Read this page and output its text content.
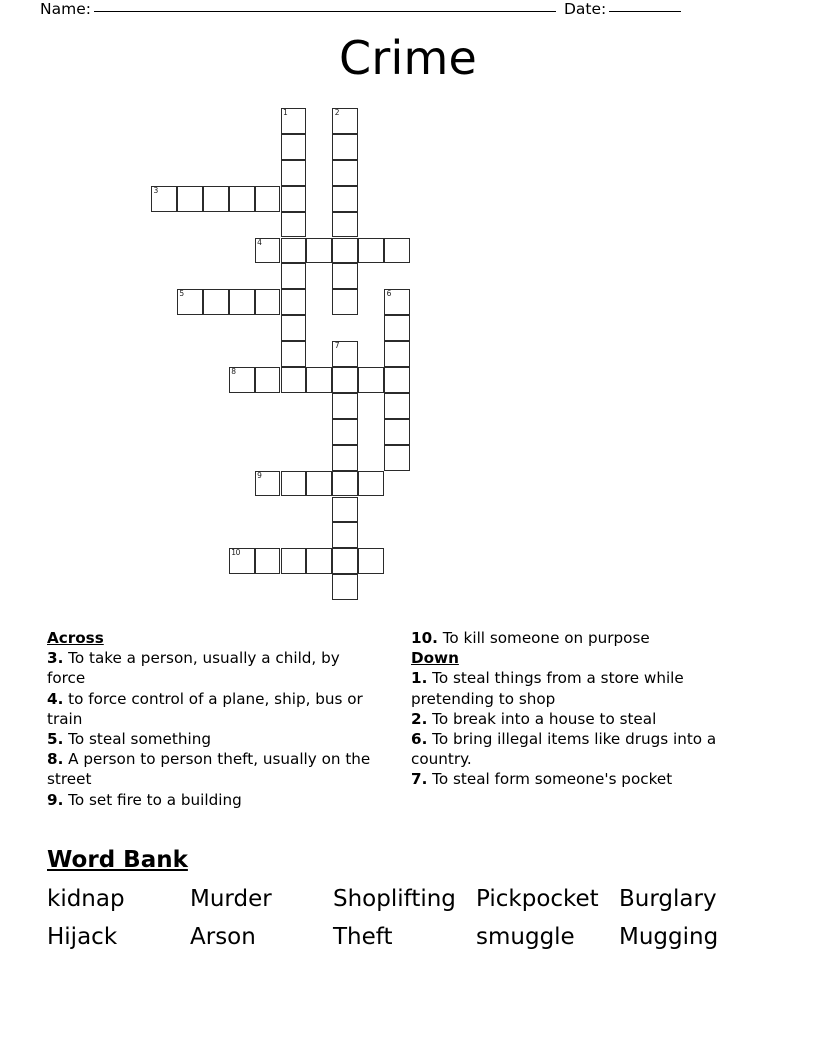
Name:	Date:
Crime
1	2
3
4
5	6
7
8
9
10
Across
3. To take a person, usually a child, by force
4. to force control of a plane, ship, bus or train
5. To steal something
8. A person to person theft, usually on the street
9. To set fire to a building
10. To kill someone on purpose
Down
1. To steal things from a store while pretending to shop
2. To break into a house to steal
6. To bring illegal items like drugs into a country.
7. To steal form someone's pocket
Word Bank
kidnap	Murder	Shoplifting Pickpocket Burglary
Hijack	Arson	Theft	smuggle	Mugging
